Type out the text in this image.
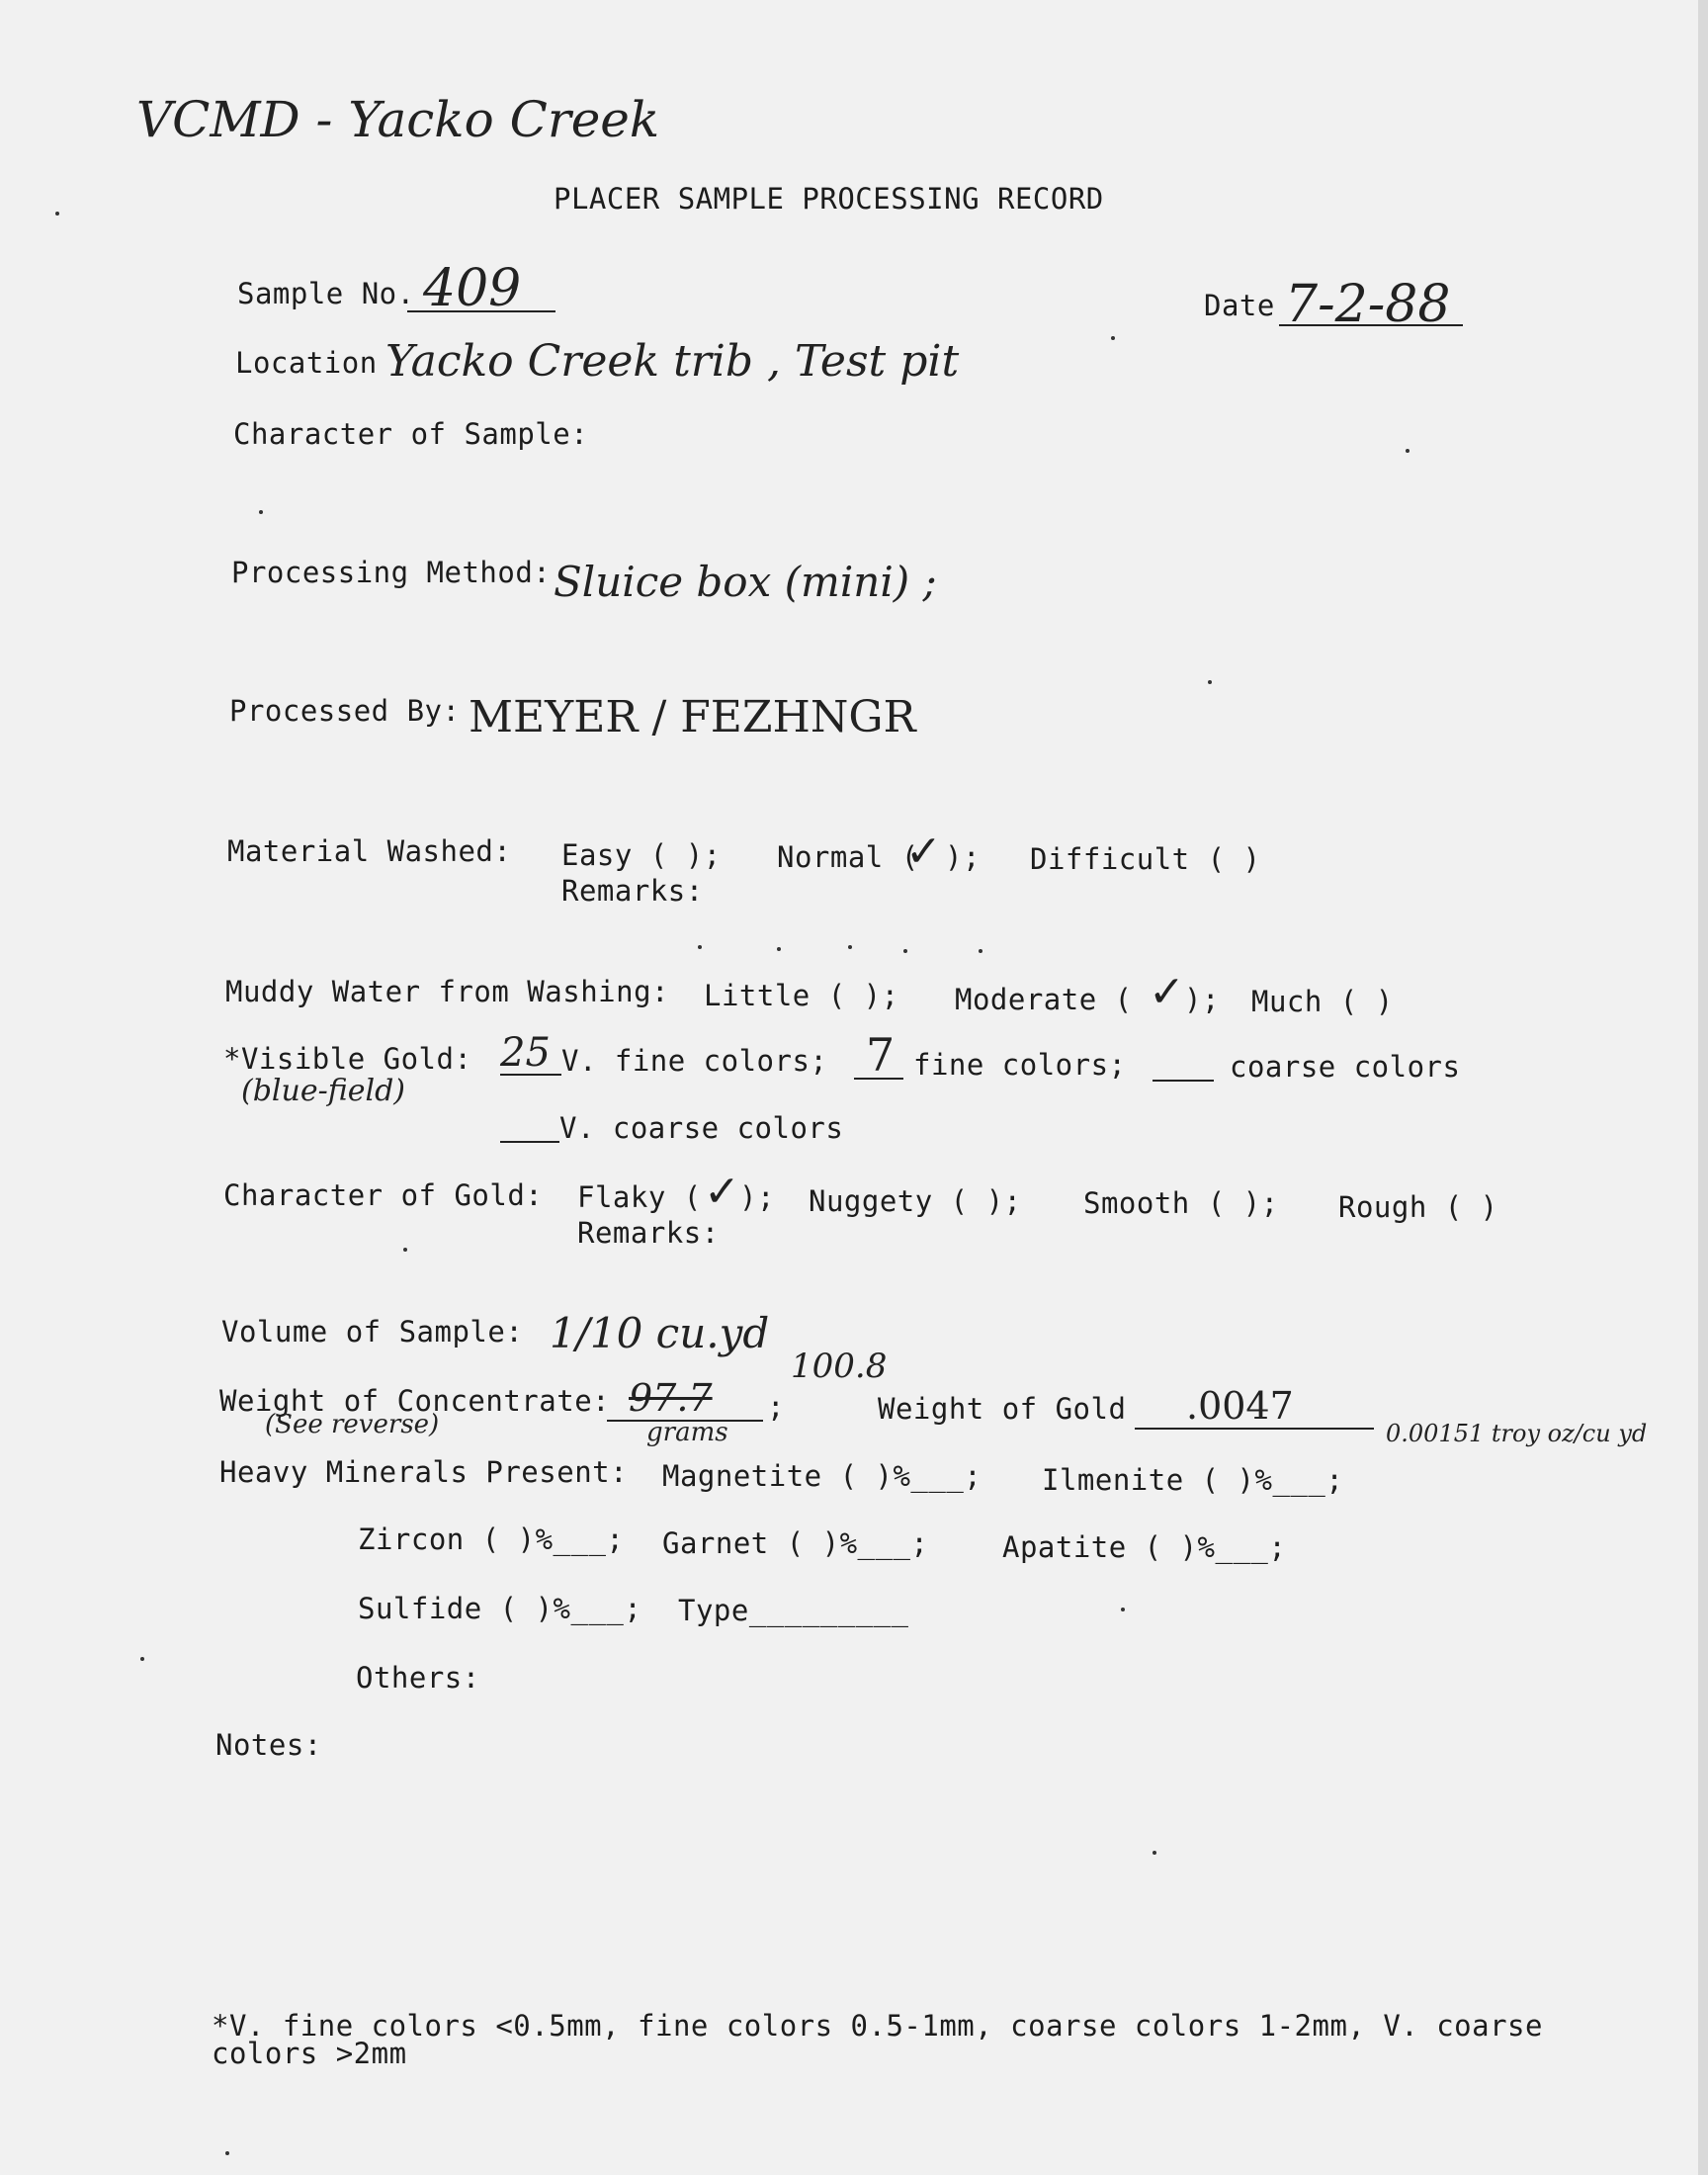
VCMD - Yacko Creek
PLACER SAMPLE PROCESSING RECORD
Sample No. 409	Date 7-2-88
Location Yacko Creek trib , Test pit
Character of Sample:
Processing Method: Sluice box (mini) ;
Processed By: MEYER / FEZHNGR
Material Washed: Easy ( ); Normal (
✓ ); Difficult ( )
Remarks:
Muddy Water from Washing: Little ( ); Moderate ( ✓ ); Much ( )
*Visible Gold:
(blue-field)
25 V. fine colors; 7 fine colors;	coarse colors
V. coarse colors
Character of Gold: Flaky ( ✓ ); Nuggety ( ); Smooth ( ); Rough ( )
Remarks:
Volume of Sample: 1/10 cu.yd
100.8
Weight of Concentrate:
(See reverse)
97.7
grams
;	Weight of Gold .0047
0.00151 troy oz/cu yd
Heavy Minerals Present: Magnetite ( )%___; Ilmenite ( )%___;
Zircon ( )%___; Garnet ( )%___;	Apatite ( )%___;
Sulfide ( )%___; Type_________
Others:
Notes:
*V. fine colors <0.5mm, fine colors 0.5-1mm, coarse colors 1-2mm, V. coarse
colors >2mm
